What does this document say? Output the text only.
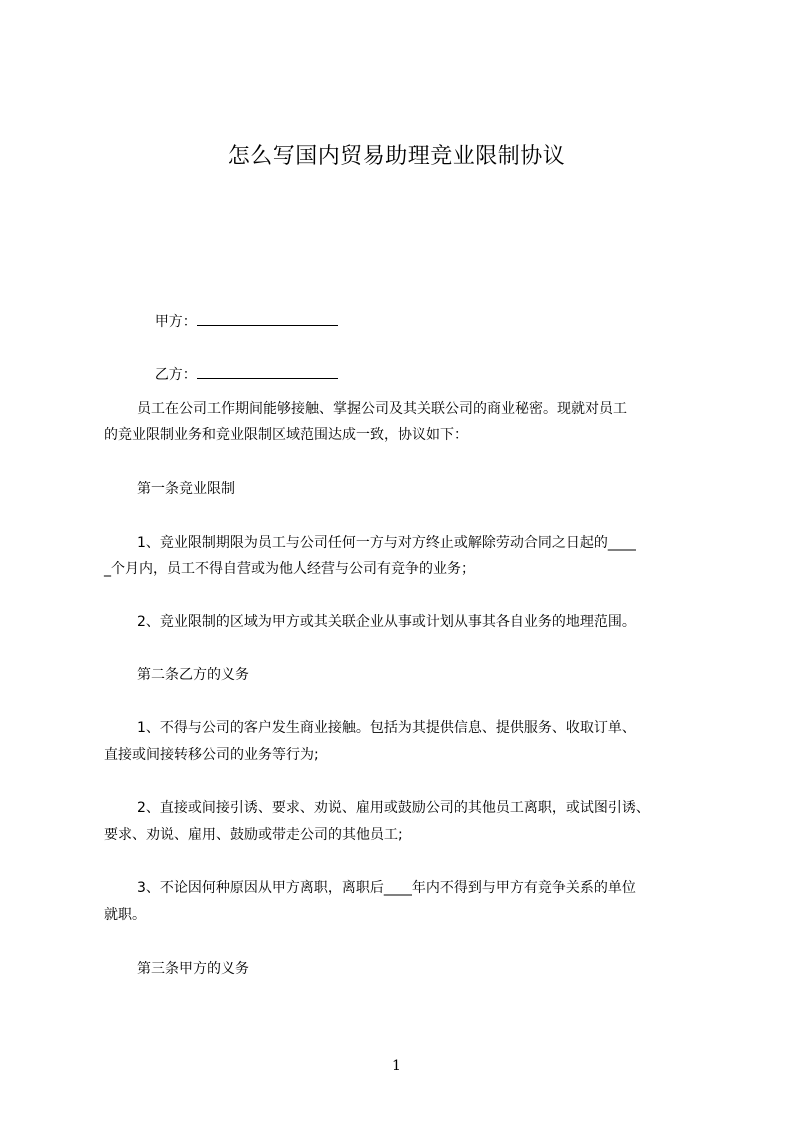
怎么写国内贸易助理竞业限制协议

甲方：

乙方：

员工在公司工作期间能够接触、掌握公司及其关联公司的商业秘密。现就对员工
的竞业限制业务和竞业限制区域范围达成一致，协议如下：
第一条竞业限制
1、竞业限制期限为员工与公司任何一方与对方终止或解除劳动合同之日起的____
_个月内，员工不得自营或为他人经营与公司有竞争的业务；
2、竞业限制的区域为甲方或其关联企业从事或计划从事其各自业务的地理范围。
第二条乙方的义务
1、不得与公司的客户发生商业接触。包括为其提供信息、提供服务、收取订单、
直接或间接转移公司的业务等行为;
2、直接或间接引诱、要求、劝说、雇用或鼓励公司的其他员工离职，或试图引诱、
要求、劝说、雇用、鼓励或带走公司的其他员工;
3、不论因何种原因从甲方离职，离职后____年内不得到与甲方有竞争关系的单位
就职。
第三条甲方的义务
1
